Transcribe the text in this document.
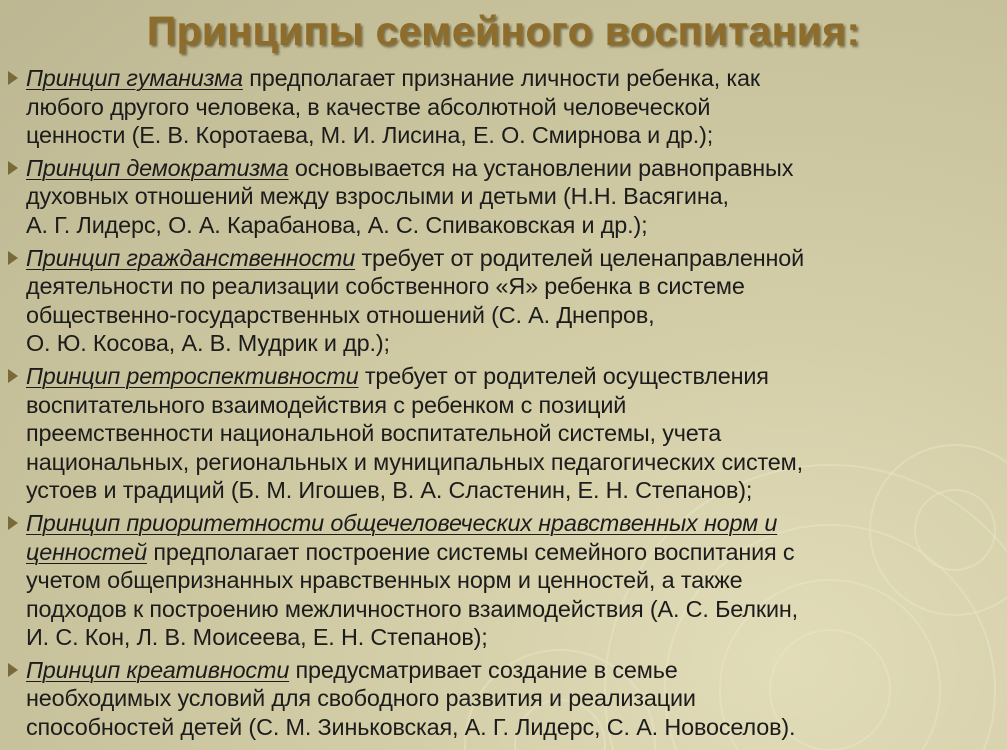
Принципы семейного воспитания:
Принцип гуманизма предполагает признание личности ребенка, как
любого другого человека, в качестве абсолютной человеческой
ценности (Е. В. Коротаева, М. И. Лисина, Е. О. Смирнова и др.);
Принцип демократизма основывается на установлении равноправных
духовных отношений между взрослыми и детьми (Н.Н. Васягина,
А. Г. Лидерс, О. А. Карабанова, А. С. Спиваковская и др.);
Принцип гражданственности требует от родителей целенаправленной
деятельности по реализации собственного «Я» ребенка в системе
общественно-государственных отношений (С. А. Днепров,
О. Ю. Косова, А. В. Мудрик и др.);
Принцип ретроспективности требует от родителей осуществления
воспитательного взаимодействия с ребенком с позиций
преемственности национальной воспитательной системы, учета
национальных, региональных и муниципальных педагогических систем,
устоев и традиций (Б. М. Игошев, В. А. Сластенин, Е. Н. Степанов);
Принцип приоритетности общечеловеческих нравственных норм и
ценностей предполагает построение системы семейного воспитания с
учетом общепризнанных нравственных норм и ценностей, а также
подходов к построению межличностного взаимодействия (А. С. Белкин,
И. С. Кон, Л. В. Моисеева, Е. Н. Степанов);
Принцип креативности предусматривает создание в семье
необходимых условий для свободного развития и реализации
способностей детей (С. М. Зиньковская, А. Г. Лидерс, С. А. Новоселов).
